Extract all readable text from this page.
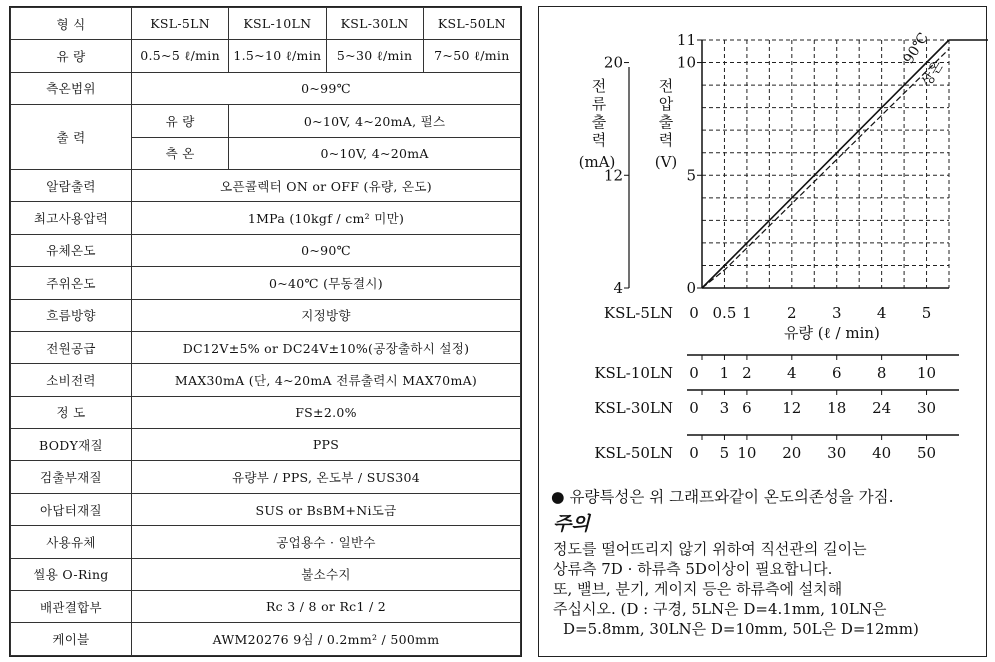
형 식	KSL-5LN	KSL-10LN	KSL-30LN	KSL-50LN
유 량	0.5~5 ℓ/min	1.5~10 ℓ/min	5~30 ℓ/min	7~50 ℓ/min
측온범위	0~99℃			
출 력	유 량	0~10V, 4~20mA, 펄스		
	측 온	0~10V, 4~20mA		
알람출력	오픈콜렉터 ON or OFF (유량, 온도)			
최고사용압력	1MPa (10kgf / cm² 미만)			
유체온도	0~90℃			
주위온도	0~40℃ (무동결시)			
흐름방향	지정방향			
전원공급	DC12V±5% or DC24V±10%(공장출하시 설정)			
소비전력	MAX30mA (단, 4~20mA 전류출력시 MAX70mA)			
정 도	FS±2.0%			
BODY재질	PPS			
검출부재질	유량부 / PPS, 온도부 / SUS304			
아답터재질	SUS or BsBM+Ni도금			
사용유체	공업용수 · 일반수			
씰용 O-Ring	불소수지			
배관결합부	Rc 3 / 8 or Rc1 / 2			
케이블	AWM20276 9심 / 0.2mm² / 500mm			
전
류
출
력
(mA)
전
압
출
력
(V)
11
10
5
0
20
12
4
90℃
상온
KSL-5LN 0 0.5 1 2 3 4 5
KSL-10LN 0 1 2 4 6 8 10
KSL-30LN 0 3 6 12 18 24 30
KSL-50LN 0 5 10 20 30 40 50
유량 (ℓ / min)
● 유량특성은 위 그래프와같이 온도의존성을 가짐.
주의
정도를 떨어뜨리지 않기 위하여 직선관의 길이는
상류측 7D · 하류측 5D이상이 필요합니다.
또, 밸브, 분기, 게이지 등은 하류측에 설치해
주십시오. (D : 구경, 5LN은 D=4.1mm, 10LN은
D=5.8mm, 30LN은 D=10mm, 50L은 D=12mm)
